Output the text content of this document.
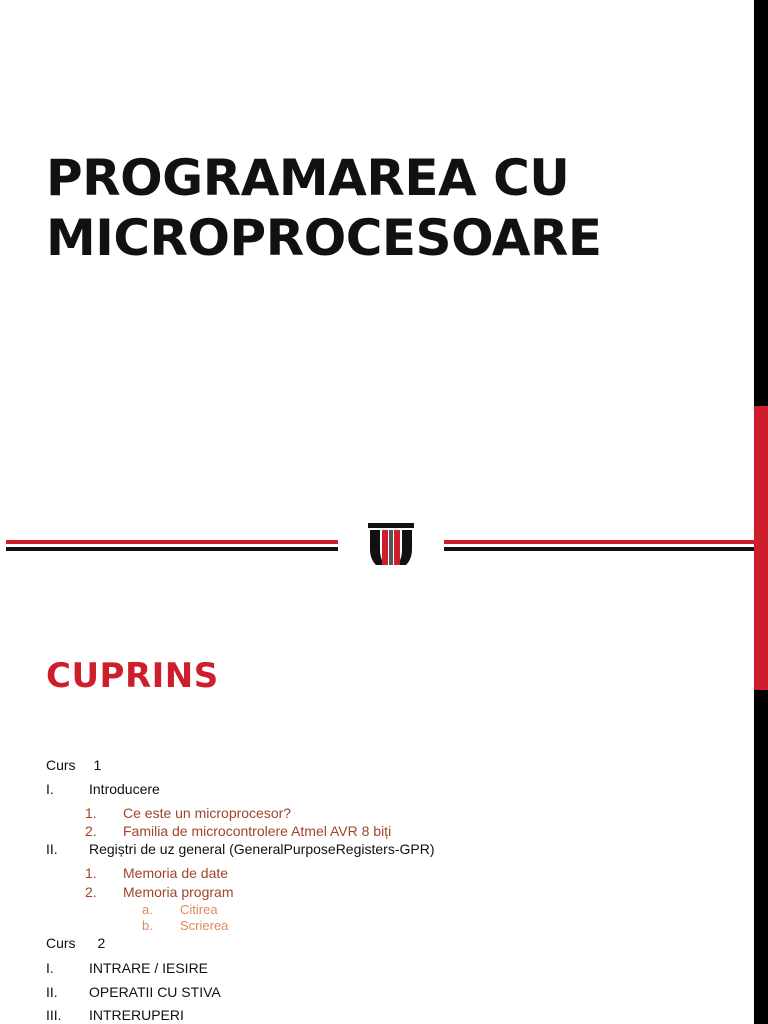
PROGRAMAREA CU
MICROPROCESOARE
CUPRINS
Curs 1
I.	Introducere
1. Ce este un microprocesor?
2. Familia de microcontrolere Atmel AVR 8 biți
II. Regiștri de uz general (GeneralPurposeRegisters-GPR)
1. Memoria de date
2. Memoria program
a. Citirea
b. Scrierea
Curs 2
I.	INTRARE / IESIRE
II. OPERATII CU STIVA
III. INTRERUPERI
